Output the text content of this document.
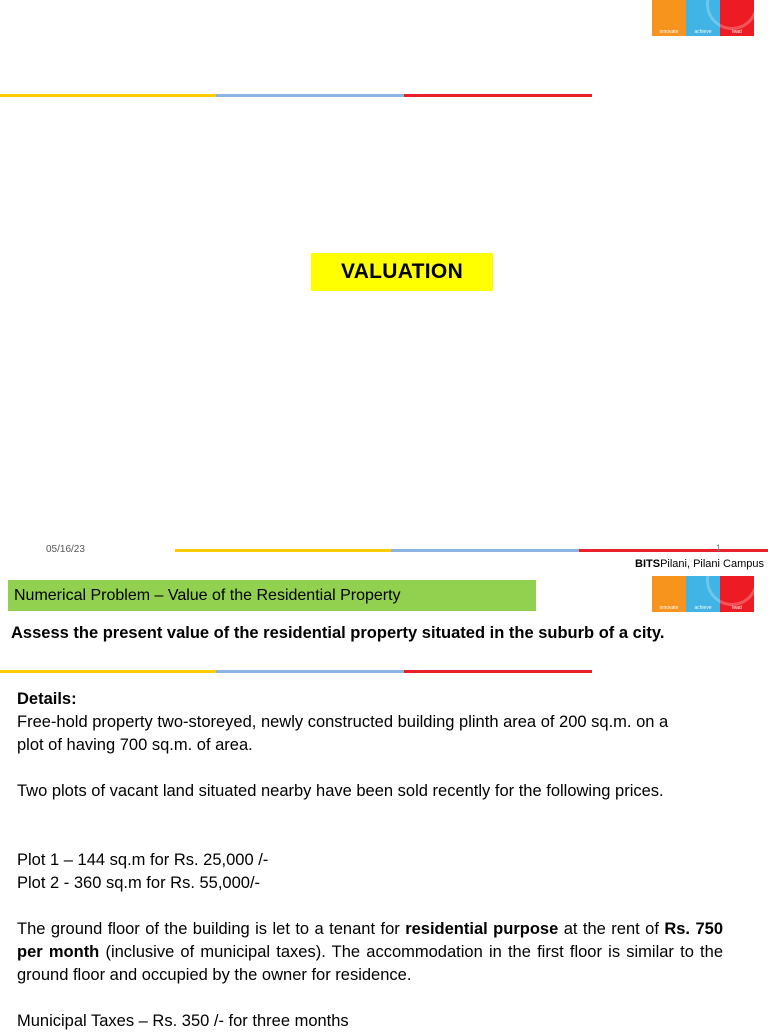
innovate	achieve	lead
VALUATION
05/16/23	1
BITSPilani, Pilani Campus
innovate	achieve	lead
Numerical Problem – Value of the Residential Property
Assess the present value of the residential property situated in the suburb of a city.
Details:
Free-hold property two-storeyed, newly constructed building plinth area of 200 sq.m. on a plot of having 700 sq.m. of area.
Two plots of vacant land situated nearby have been sold recently for the following prices.
Plot 1 – 144 sq.m for Rs. 25,000 /-
Plot 2 - 360 sq.m for Rs. 55,000/-
The ground floor of the building is let to a tenant for residential purpose at the rent of Rs. 750 per month (inclusive of municipal taxes). The accommodation in the first floor is similar to the ground floor and occupied by the owner for residence.
Municipal Taxes – Rs. 350 /- for three months
